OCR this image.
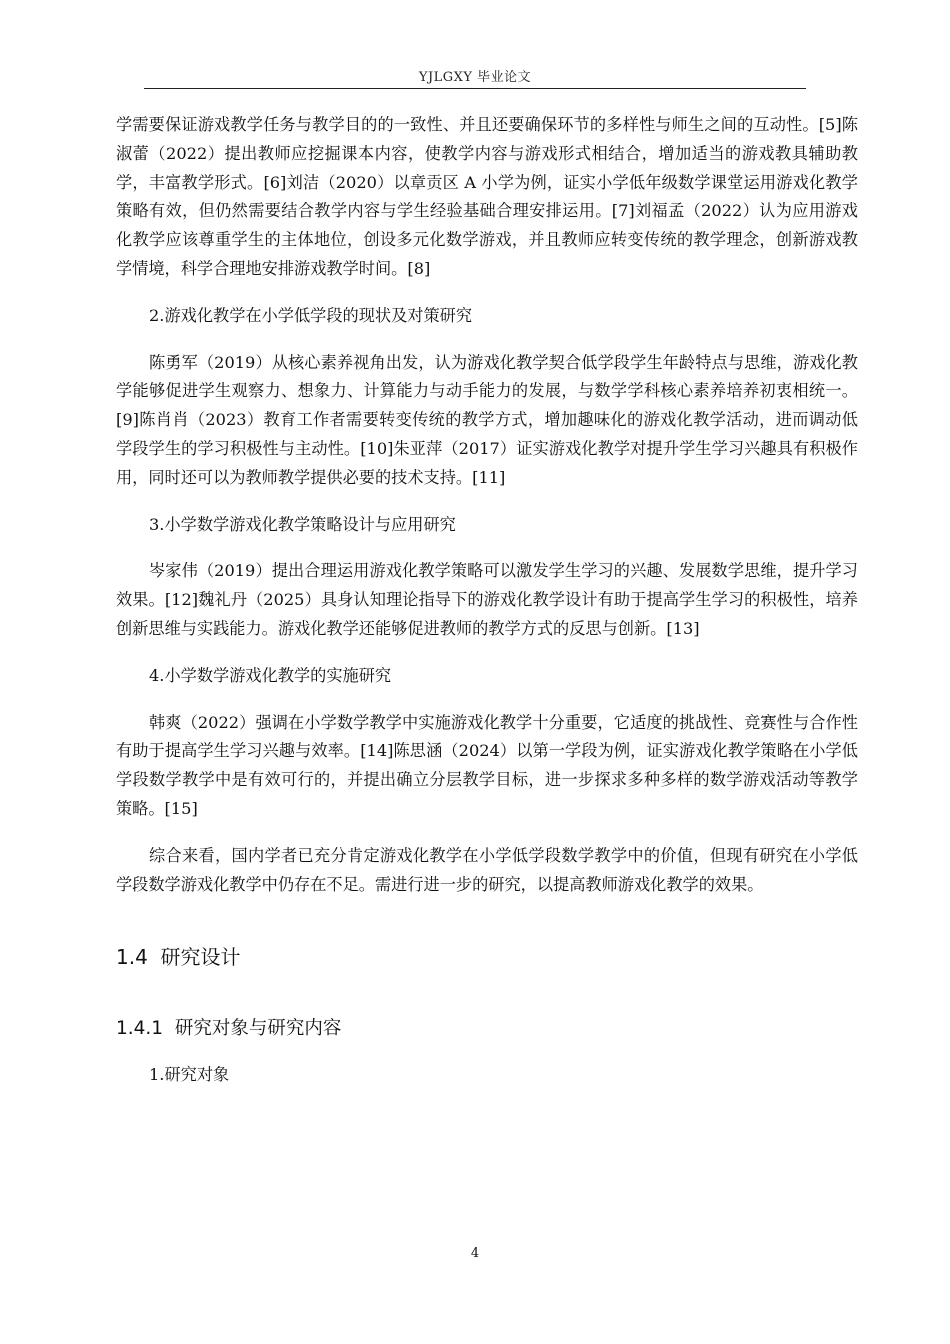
YJLGXY 毕业论文

学需要保证游戏教学任务与教学目的的一致性、并且还要确保环节的多样性与师生之间的互动性。[5]陈淑蕾（2022）提出教师应挖掘课本内容，使教学内容与游戏形式相结合，增加适当的游戏教具辅助教学，丰富教学形式。[6]刘洁（2020）以章贡区 A 小学为例，证实小学低年级数学课堂运用游戏化教学策略有效，但仍然需要结合教学内容与学生经验基础合理安排运用。[7]刘福孟（2022）认为应用游戏化教学应该尊重学生的主体地位，创设多元化数学游戏，并且教师应转变传统的教学理念，创新游戏教学情境，科学合理地安排游戏教学时间。[8]

2.游戏化教学在小学低学段的现状及对策研究

陈勇军（2019）从核心素养视角出发，认为游戏化教学契合低学段学生年龄特点与思维，游戏化教学能够促进学生观察力、想象力、计算能力与动手能力的发展，与数学学科核心素养培养初衷相统一。[9]陈肖肖（2023）教育工作者需要转变传统的教学方式，增加趣味化的游戏化教学活动，进而调动低学段学生的学习积极性与主动性。[10]朱亚萍（2017）证实游戏化教学对提升学生学习兴趣具有积极作用，同时还可以为教师教学提供必要的技术支持。[11]

3.小学数学游戏化教学策略设计与应用研究

岑家伟（2019）提出合理运用游戏化教学策略可以激发学生学习的兴趣、发展数学思维，提升学习效果。[12]魏礼丹（2025）具身认知理论指导下的游戏化教学设计有助于提高学生学习的积极性，培养创新思维与实践能力。游戏化教学还能够促进教师的教学方式的反思与创新。[13]

4.小学数学游戏化教学的实施研究

韩爽（2022）强调在小学数学教学中实施游戏化教学十分重要，它适度的挑战性、竞赛性与合作性有助于提高学生学习兴趣与效率。[14]陈思涵（2024）以第一学段为例，证实游戏化教学策略在小学低学段数学教学中是有效可行的，并提出确立分层教学目标，进一步探求多种多样的数学游戏活动等教学策略。[15]

综合来看，国内学者已充分肯定游戏化教学在小学低学段数学教学中的价值，但现有研究在小学低学段数学游戏化教学中仍存在不足。需进行进一步的研究，以提高教师游戏化教学的效果。

1.4 研究设计
1.4.1 研究对象与研究内容

1.研究对象

4
